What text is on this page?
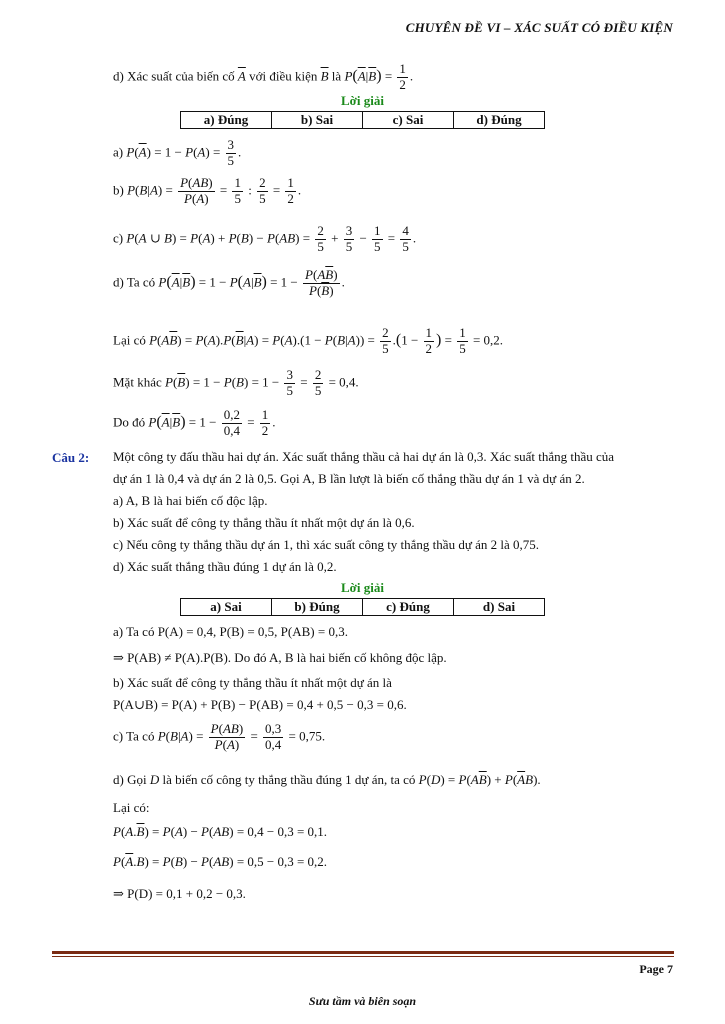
CHUYÊN ĐỀ VI – XÁC SUẤT CÓ ĐIỀU KIỆN
d) Xác suất của biến cố $\overline{A}$ với điều kiện $\overline{B}$ là $P(\overline{A}|\overline{B}) = \frac{1}{2}$ .
Lời giải
a) Đúng	b) Sai	c) Sai	d) Đúng
a) $P(\overline{A}) = 1 - P(A) = \frac{3}{5}$ .
b) $P(B|A) = \frac{P(AB)}{P(A)} = \frac{1}{5}$ : $\frac{2}{5} = \frac{1}{2}$ .
c) P(A ∪ $B) = P(A) + P(B) - P(AB) = \frac{2}{5} + \frac{3}{5} - \frac{1}{5} = \frac{4}{5}$ .
d) Ta có $P(\overline{A}|\overline{B}) = 1 - P(A|\overline{B}) = 1 - \frac{P(A\overline{B})}{P(\overline{B})}$ .
Lại có $P(A\overline{B}) = P(A).P(\overline{B}|A) = P(A).(1 - P(B|A)) = \frac{2}{5} .(1 - \frac{1}{2}$ ) = $\frac{1}{5} = 0,2$.
Mặt khác $P(\overline{B}) = 1 - P(B) = 1 - \frac{3}{5} = \frac{2}{5} = 0,4$.
Do đó $P(\overline{A}|\overline{B}) = 1 - \frac{0,2}{0,4} = \frac{1}{2}$ .
Câu 2: Một công ty đấu thầu hai dự án. Xác suất thắng thầu cả hai dự án là 0,3. Xác suất thắng thầu của
dự án 1 là 0,4 và dự án 2 là 0,5. Gọi A, B lần lượt là biến cố thắng thầu dự án 1 và dự án 2.
a) A, B là hai biến cố độc lập.
b) Xác suất để công ty thắng thầu ít nhất một dự án là 0,6.
c) Nếu công ty thắng thầu dự án 1, thì xác suất công ty thắng thầu dự án 2 là 0,75.
d) Xác suất thắng thầu đúng 1 dự án là 0,2.
Lời giải
a) Sai	b) Đúng	c) Đúng	d) Sai
a) Ta có P(A) = 0,4, P(B) = 0,5, P(AB) = 0,3.
⇒ P(AB) ≠ P(A).P(B). Do đó A, B là hai biến cố không độc lập.
b) Xác suất để công ty thắng thầu ít nhất một dự án là
P(A∪B) = P(A) + P(B) − P(AB) = 0,4 + 0,5 − 0,3 = 0,6.
c) Ta có $P(B|A) = \frac{P(AB)}{P(A)} = \frac{0,3}{0,4} = 0,75$.
d) Gọi D là biến cố công ty thắng thầu đúng 1 dự án, ta có $P(D) = P(A\overline{B}) + P(\overline{A}B)$.
Lại có:
$P(A.\overline{B}) = P(A) - P(AB) = 0,4 - 0,3 = 0,1$.
$P(\overline{A}.B) = P(B) - P(AB) = 0,5 - 0,3 = 0,2$.
⇒ P(D) = 0,1 + 0,2 − 0,3.
Page 7
Sưu tầm và biên soạn
